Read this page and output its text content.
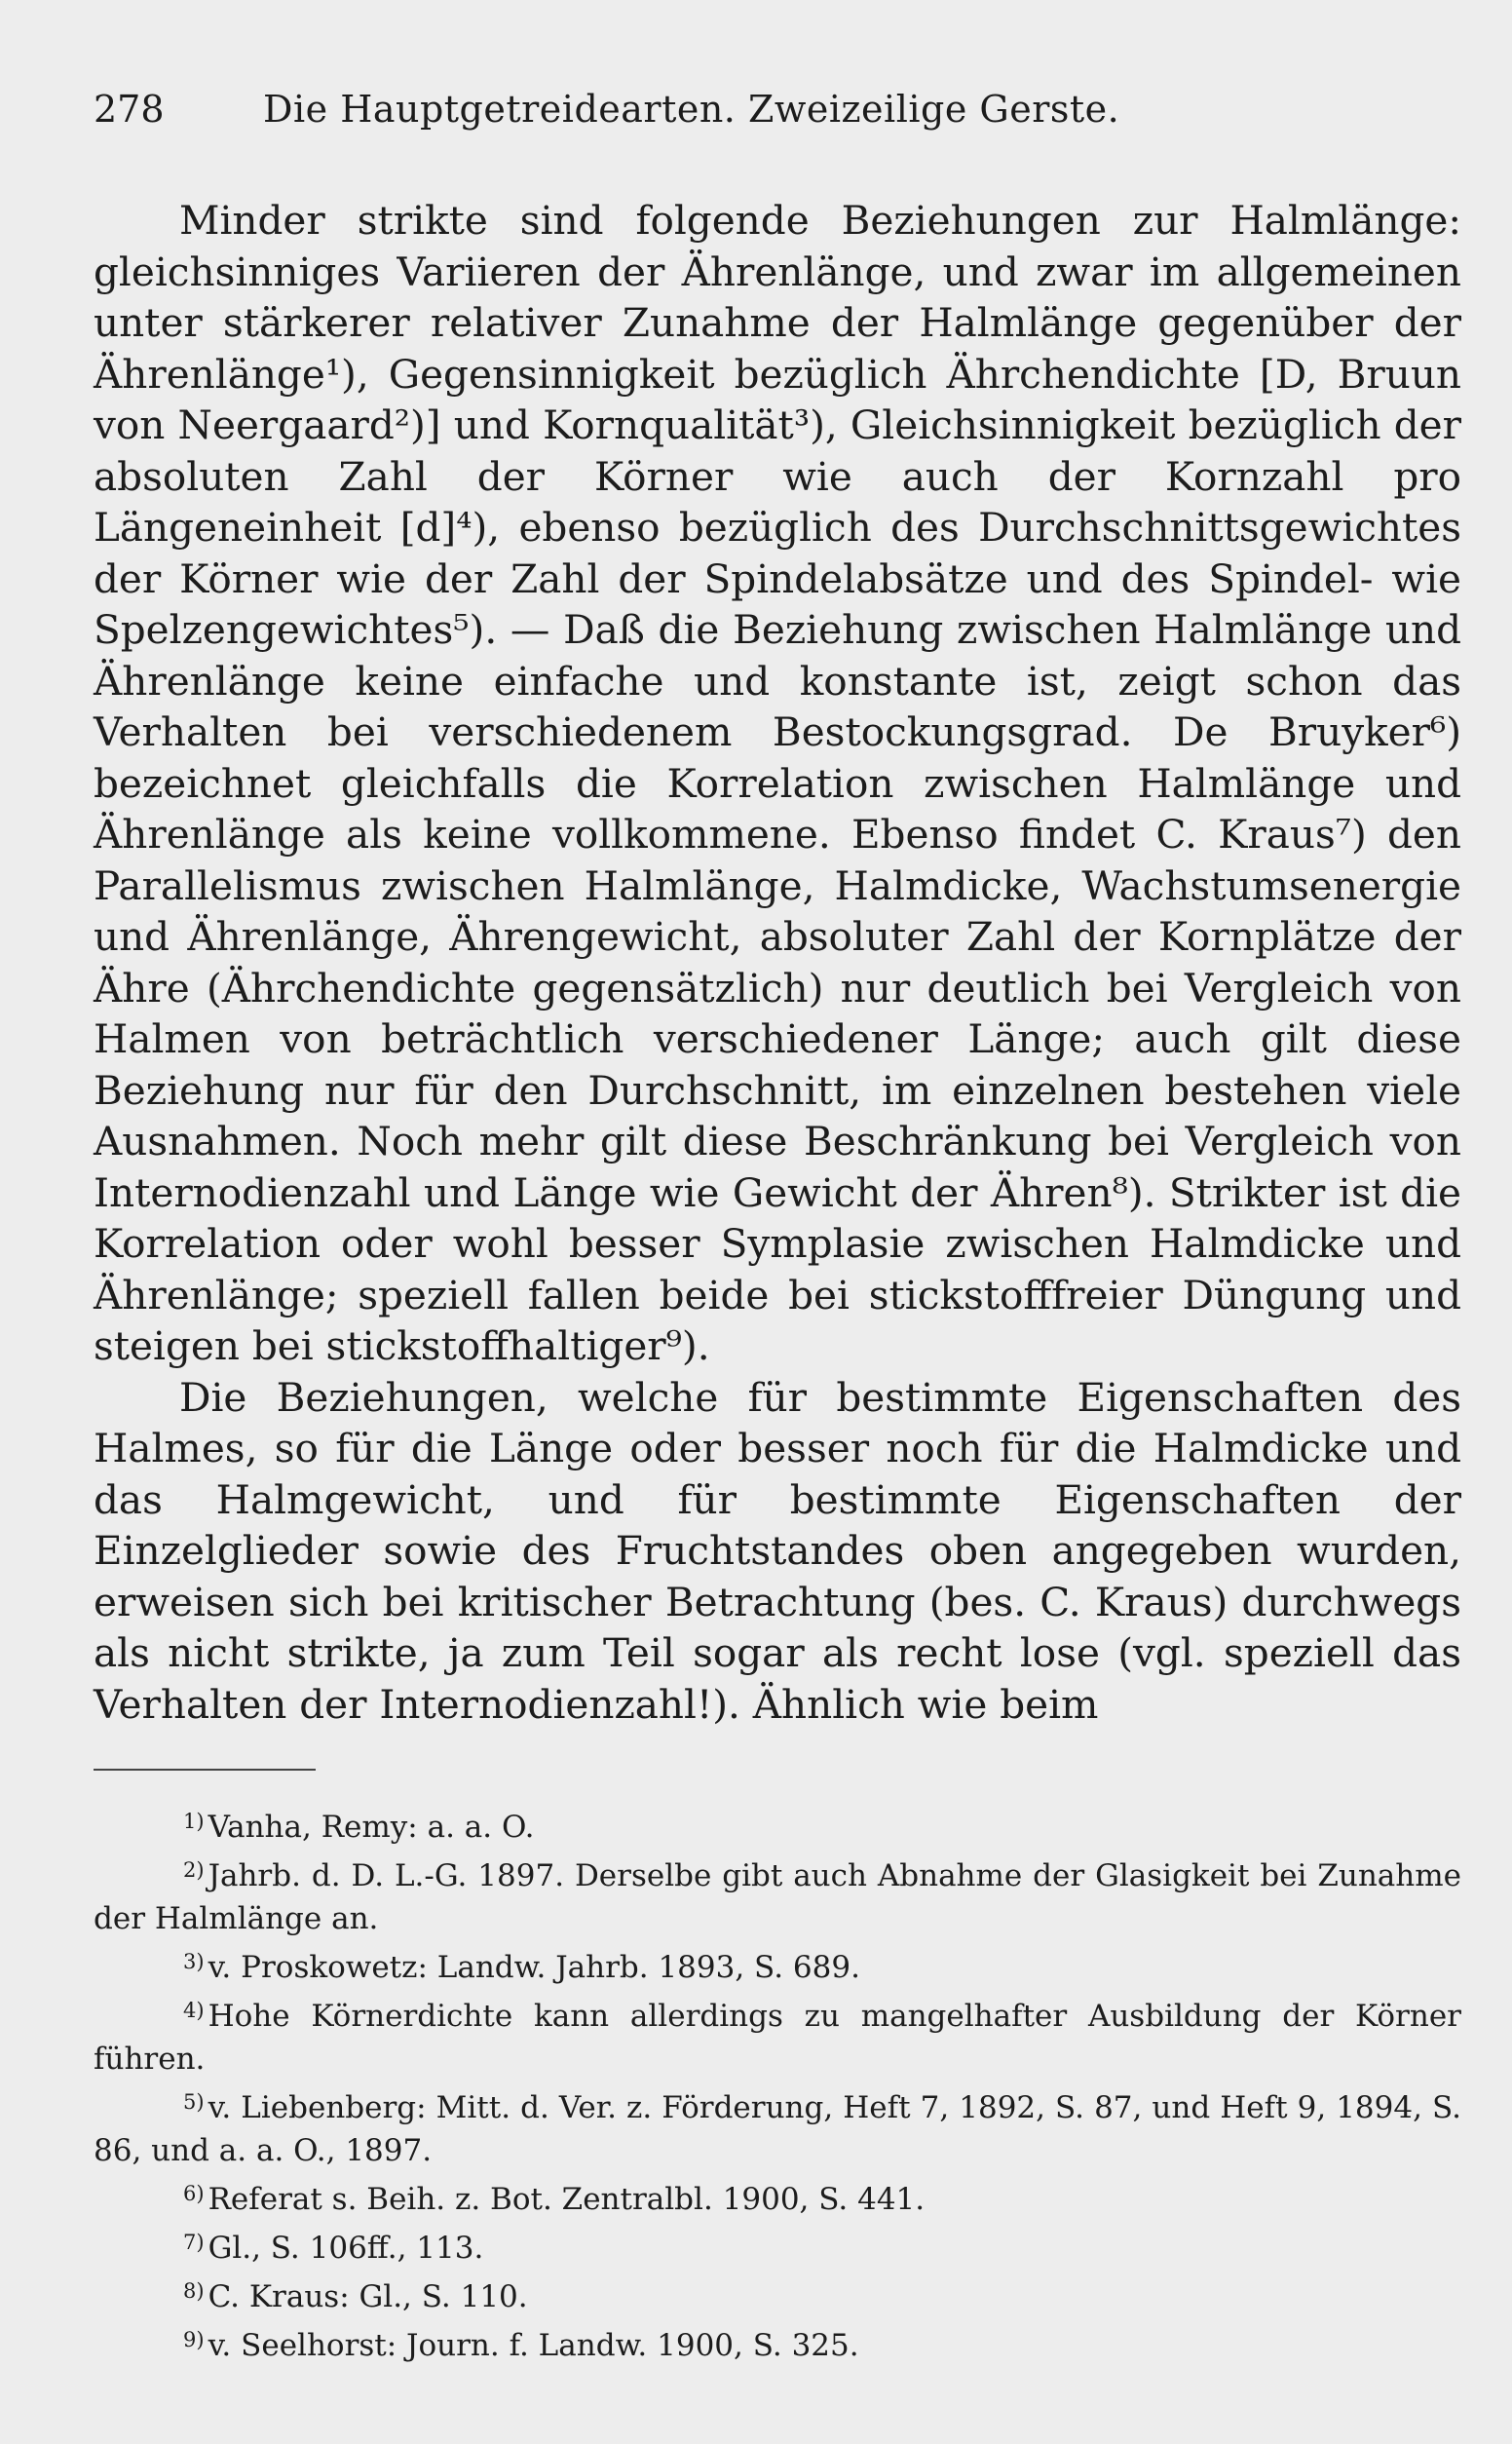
278	Die Hauptgetreidearten. Zweizeilige Gerste.

Minder strikte sind folgende Beziehungen zur Halmlänge: gleichsinniges Variieren der Ährenlänge, und zwar im allgemeinen unter stärkerer relativer Zunahme der Halmlänge gegenüber der Ährenlänge¹), Gegensinnigkeit bezüglich Ährchendichte [D, Bruun von Neergaard²)] und Kornqualität³), Gleichsinnigkeit bezüglich der absoluten Zahl der Körner wie auch der Kornzahl pro Längeneinheit [d]⁴), ebenso bezüglich des Durchschnittsgewichtes der Körner wie der Zahl der Spindelabsätze und des Spindel- wie Spelzengewichtes⁵). — Daß die Beziehung zwischen Halmlänge und Ährenlänge keine einfache und konstante ist, zeigt schon das Verhalten bei verschiedenem Bestockungsgrad. De Bruyker⁶) bezeichnet gleichfalls die Korrelation zwischen Halmlänge und Ährenlänge als keine vollkommene. Ebenso findet C. Kraus⁷) den Parallelismus zwischen Halmlänge, Halmdicke, Wachstumsenergie und Ährenlänge, Ährengewicht, absoluter Zahl der Kornplätze der Ähre (Ährchendichte gegensätzlich) nur deutlich bei Vergleich von Halmen von beträchtlich verschiedener Länge; auch gilt diese Beziehung nur für den Durchschnitt, im einzelnen bestehen viele Ausnahmen. Noch mehr gilt diese Beschränkung bei Vergleich von Internodienzahl und Länge wie Gewicht der Ähren⁸). Strikter ist die Korrelation oder wohl besser Symplasie zwischen Halmdicke und Ährenlänge; speziell fallen beide bei stickstofffreier Düngung und steigen bei stickstoffhaltiger⁹).

Die Beziehungen, welche für bestimmte Eigenschaften des Halmes, so für die Länge oder besser noch für die Halmdicke und das Halmgewicht, und für bestimmte Eigenschaften der Einzelglieder sowie des Fruchtstandes oben angegeben wurden, erweisen sich bei kritischer Betrachtung (bes. C. Kraus) durchwegs als nicht strikte, ja zum Teil sogar als recht lose (vgl. speziell das Verhalten der Internodienzahl!). Ähnlich wie beim

$^{1)}$ Vanha, Remy: a. a. O.

$^{2)}$ Jahrb. d. D. L.-G. 1897. Derselbe gibt auch Abnahme der Glasigkeit bei Zunahme der Halmlänge an.

$^{3)}$ v. Proskowetz: Landw. Jahrb. 1893, S. 689.

$^{4)}$ Hohe Körnerdichte kann allerdings zu mangelhafter Ausbildung der Körner führen.

$^{5)}$ v. Liebenberg: Mitt. d. Ver. z. Förderung, Heft 7, 1892, S. 87, und Heft 9, 1894, S. 86, und a. a. O., 1897.

$^{6)}$ Referat s. Beih. z. Bot. Zentralbl. 1900, S. 441.

$^{7)}$ Gl., S. 106ff., 113.

$^{8)}$ C. Kraus: Gl., S. 110.

$^{9)}$ v. Seelhorst: Journ. f. Landw. 1900, S. 325.
